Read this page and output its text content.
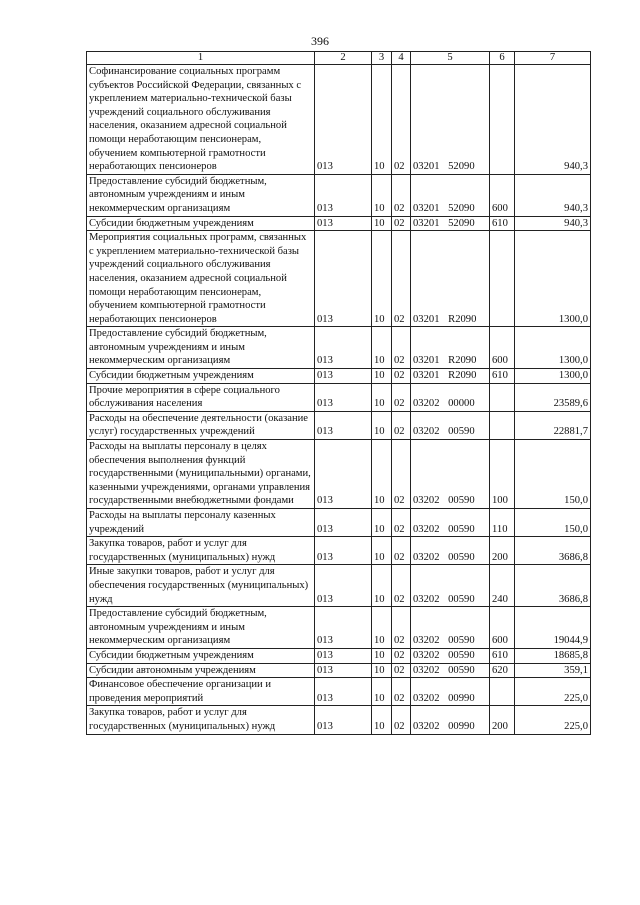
396
1	2	3	4	5	6	7
Софинансирование социальных программ субъектов Российской Федерации, связанных с укреплением материально-технической базы учреждений социального обслуживания населения, оказанием адресной социальной помощи неработающим пенсионерам, обучением компьютерной грамотности неработающих пенсионеров	013	10	02	03201 52090		940,3
Предоставление субсидий бюджетным, автономным учреждениям и иным некоммерческим организациям	013	10	02	03201 52090	600	940,3
Субсидии бюджетным учреждениям	013	10	02	03201 52090	610	940,3
Мероприятия социальных программ, связанных с укреплением материально-технической базы учреждений социального обслуживания населения, оказанием адресной социальной помощи неработающим пенсионерам, обучением компьютерной грамотности неработающих пенсионеров	013	10	02	03201 R2090		1300,0
Предоставление субсидий бюджетным, автономным учреждениям и иным некоммерческим организациям	013	10	02	03201 R2090	600	1300,0
Субсидии бюджетным учреждениям	013	10	02	03201 R2090	610	1300,0
Прочие мероприятия в сфере социального обслуживания населения	013	10	02	03202 00000		23589,6
Расходы на обеспечение деятельности (оказание услуг) государственных учреждений	013	10	02	03202 00590		22881,7
Расходы на выплаты персоналу в целях обеспечения выполнения функций государственными (муниципальными) органами, казенными учреждениями, органами управления государственными внебюджетными фондами	013	10	02	03202 00590	100	150,0
Расходы на выплаты персоналу казенных учреждений	013	10	02	03202 00590	110	150,0
Закупка товаров, работ и услуг для государственных (муниципальных) нужд	013	10	02	03202 00590	200	3686,8
Иные закупки товаров, работ и услуг для обеспечения государственных (муниципальных) нужд	013	10	02	03202 00590	240	3686,8
Предоставление субсидий бюджетным, автономным учреждениям и иным некоммерческим организациям	013	10	02	03202 00590	600	19044,9
Субсидии бюджетным учреждениям	013	10	02	03202 00590	610	18685,8
Субсидии автономным учреждениям	013	10	02	03202 00590	620	359,1
Финансовое обеспечение организации и проведения мероприятий	013	10	02	03202 00990		225,0
Закупка товаров, работ и услуг для государственных (муниципальных) нужд	013	10	02	03202 00990	200	225,0
